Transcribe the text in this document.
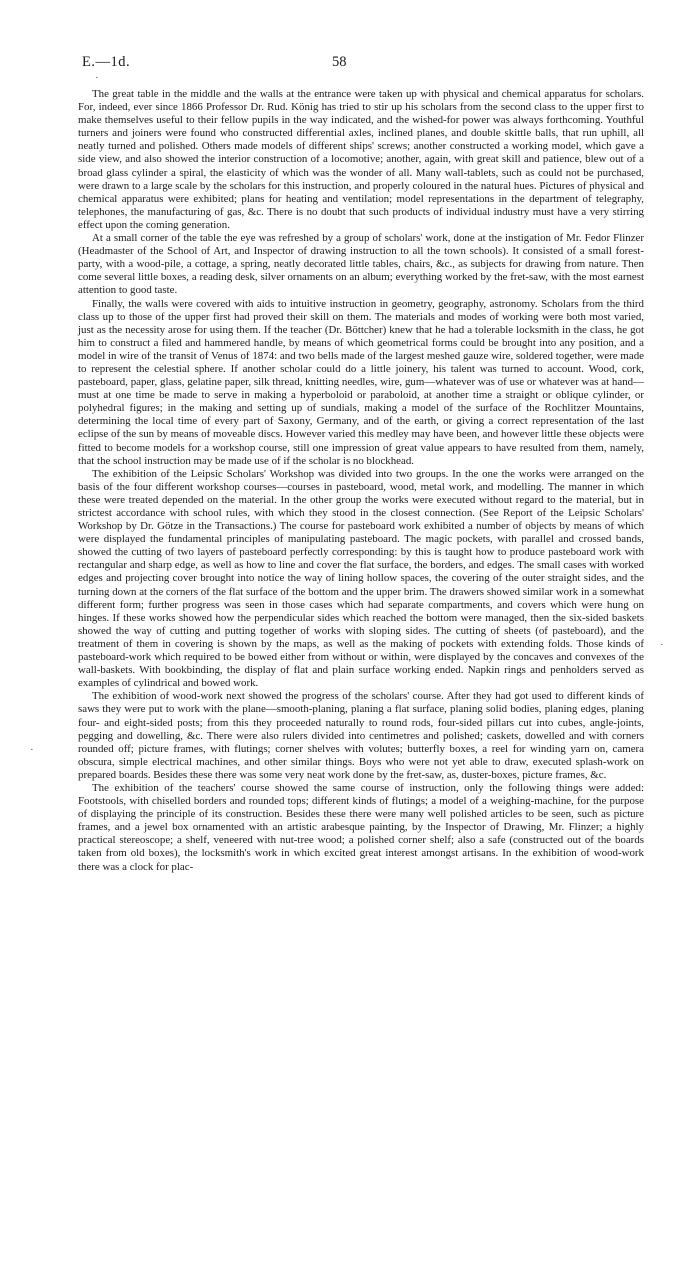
·
·
·
E.—1d.	58

The great table in the middle and the walls at the entrance were taken up with physical and chemical apparatus for scholars. For, indeed, ever since 1866 Professor Dr. Rud. König has tried to stir up his scholars from the second class to the upper first to make themselves useful to their fellow pupils in the way indicated, and the wished-for power was always forthcoming. Youthful turners and joiners were found who constructed differential axles, inclined planes, and double skittle balls, that run uphill, all neatly turned and polished. Others made models of different ships' screws; another constructed a working model, which gave a side view, and also showed the interior construction of a locomotive; another, again, with great skill and patience, blew out of a broad glass cylinder a spiral, the elasticity of which was the wonder of all. Many wall-tablets, such as could not be purchased, were drawn to a large scale by the scholars for this instruction, and properly coloured in the natural hues. Pictures of physical and chemical apparatus were exhibited; plans for heating and ventilation; model representations in the department of telegraphy, telephones, the manufacturing of gas, &c. There is no doubt that such products of individual industry must have a very stirring effect upon the coming generation.

At a small corner of the table the eye was refreshed by a group of scholars' work, done at the instigation of Mr. Fedor Flinzer (Headmaster of the School of Art, and Inspector of drawing instruction to all the town schools). It consisted of a small forest-party, with a wood-pile, a cottage, a spring, neatly decorated little tables, chairs, &c., as subjects for drawing from nature. Then come several little boxes, a reading desk, silver ornaments on an album; everything worked by the fret-saw, with the most earnest attention to good taste.

Finally, the walls were covered with aids to intuitive instruction in geometry, geography, astronomy. Scholars from the third class up to those of the upper first had proved their skill on them. The materials and modes of working were both most varied, just as the necessity arose for using them. If the teacher (Dr. Böttcher) knew that he had a tolerable locksmith in the class, he got him to construct a filed and hammered handle, by means of which geometrical forms could be brought into any position, and a model in wire of the transit of Venus of 1874: and two bells made of the largest meshed gauze wire, soldered together, were made to represent the celestial sphere. If another scholar could do a little joinery, his talent was turned to account. Wood, cork, pasteboard, paper, glass, gelatine paper, silk thread, knitting needles, wire, gum—whatever was of use or whatever was at hand—must at one time be made to serve in making a hyperboloid or paraboloid, at another time a straight or oblique cylinder, or polyhedral figures; in the making and setting up of sundials, making a model of the surface of the Rochlitzer Mountains, determining the local time of every part of Saxony, Germany, and of the earth, or giving a correct representation of the last eclipse of the sun by means of moveable discs. However varied this medley may have been, and however little these objects were fitted to become models for a workshop course, still one impression of great value appears to have resulted from them, namely, that the school instruction may be made use of if the scholar is no blockhead.

The exhibition of the Leipsic Scholars' Workshop was divided into two groups. In the one the works were arranged on the basis of the four different workshop courses—courses in pasteboard, wood, metal work, and modelling. The manner in which these were treated depended on the material. In the other group the works were executed without regard to the material, but in strictest accordance with school rules, with which they stood in the closest connection. (See Report of the Leipsic Scholars' Workshop by Dr. Götze in the Transactions.) The course for pasteboard work exhibited a number of objects by means of which were displayed the fundamental principles of manipulating pasteboard. The magic pockets, with parallel and crossed bands, showed the cutting of two layers of pasteboard perfectly corresponding: by this is taught how to produce pasteboard work with rectangular and sharp edge, as well as how to line and cover the flat surface, the borders, and edges. The small cases with worked edges and projecting cover brought into notice the way of lining hollow spaces, the covering of the outer straight sides, and the turning down at the corners of the flat surface of the bottom and the upper brim. The drawers showed similar work in a somewhat different form; further progress was seen in those cases which had separate compartments, and covers which were hung on hinges. If these works showed how the perpendicular sides which reached the bottom were managed, then the six-sided baskets showed the way of cutting and putting together of works with sloping sides. The cutting of sheets (of pasteboard), and the treatment of them in covering is shown by the maps, as well as the making of pockets with extending folds. Those kinds of pasteboard-work which required to be bowed either from without or within, were displayed by the concaves and convexes of the wall-baskets. With bookbinding, the display of flat and plain surface working ended. Napkin rings and penholders served as examples of cylindrical and bowed work.

The exhibition of wood-work next showed the progress of the scholars' course. After they had got used to different kinds of saws they were put to work with the plane—smooth-planing, planing a flat surface, planing solid bodies, planing edges, planing four- and eight-sided posts; from this they proceeded naturally to round rods, four-sided pillars cut into cubes, angle-joints, pegging and dowelling, &c. There were also rulers divided into centimetres and polished; caskets, dowelled and with corners rounded off; picture frames, with flutings; corner shelves with volutes; butterfly boxes, a reel for winding yarn on, camera obscura, simple electrical machines, and other similar things. Boys who were not yet able to draw, executed splash-work on prepared boards. Besides these there was some very neat work done by the fret-saw, as, duster-boxes, picture frames, &c.

The exhibition of the teachers' course showed the same course of instruction, only the following things were added: Footstools, with chiselled borders and rounded tops; different kinds of flutings; a model of a weighing-machine, for the purpose of displaying the principle of its construction. Besides these there were many well polished articles to be seen, such as picture frames, and a jewel box ornamented with an artistic arabesque painting, by the Inspector of Drawing, Mr. Flinzer; a highly practical stereoscope; a shelf, veneered with nut-tree wood; a polished corner shelf; also a safe (constructed out of the boards taken from old boxes), the locksmith's work in which excited great interest amongst artisans. In the exhibition of wood-work there was a clock for plac-
